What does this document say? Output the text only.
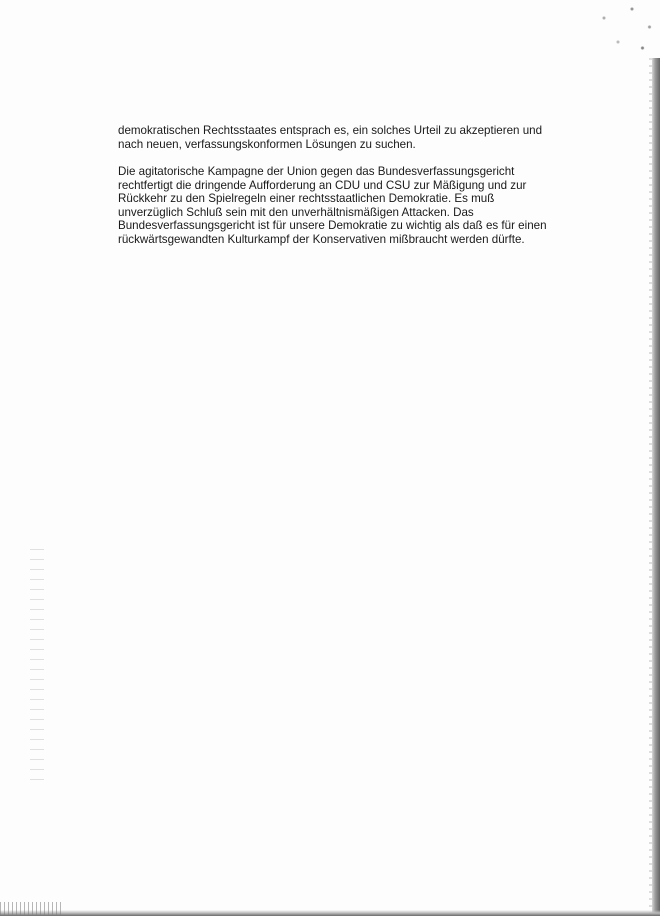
demokratischen Rechtsstaates entsprach es, ein solches Urteil zu akzeptieren und
nach neuen, verfassungskonformen Lösungen zu suchen.

Die agitatorische Kampagne der Union gegen das Bundesverfassungsgericht
rechtfertigt die dringende Aufforderung an CDU und CSU zur Mäßigung und zur
Rückkehr zu den Spielregeln einer rechtsstaatlichen Demokratie. Es muß
unverzüglich Schluß sein mit den unverhältnismäßigen Attacken. Das
Bundesverfassungsgericht ist für unsere Demokratie zu wichtig als daß es für einen
rückwärtsgewandten Kulturkampf der Konservativen mißbraucht werden dürfte.
